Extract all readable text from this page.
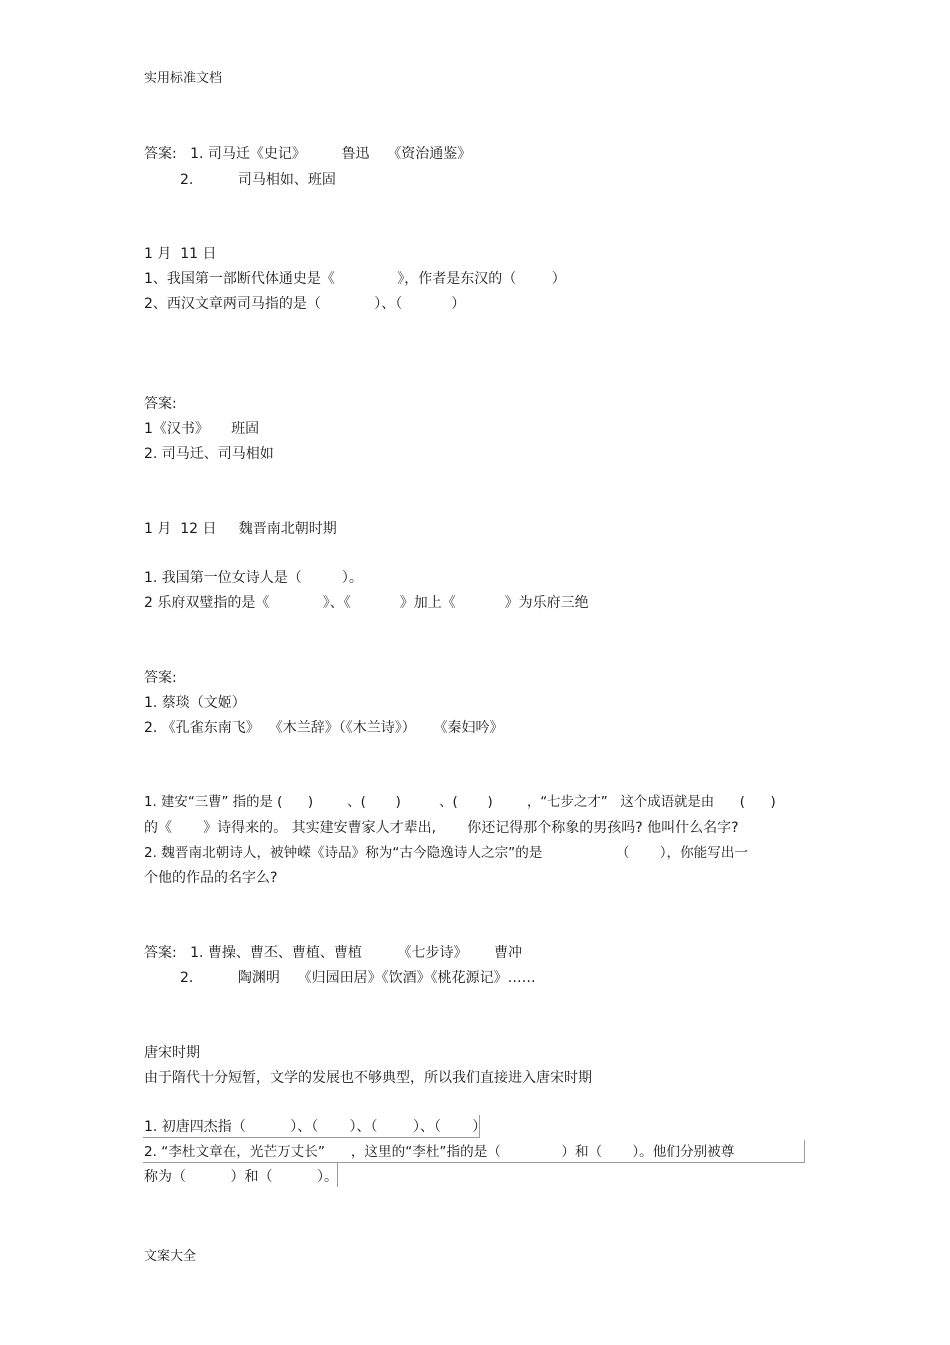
实用标准文档
答案:   1. 司马迁《史记》        鲁迅    《资治通鉴》
2.          司马相如、班固
1 月  11 日
1、我国第一部断代体通史是《              》，作者是东汉的（        ）
2、西汉文章两司马指的是（            ）、（           ）
答案:
1《汉书》     班固
2. 司马迁、司马相如
1 月  12 日     魏晋南北朝时期
1. 我国第一位女诗人是（         ）。
2 乐府双璧指的是《            》、《           》加上《           》为乐府三绝
答案:
1. 蔡琰（文姬）
2. 《孔雀东南飞》  《木兰辞》（《木兰诗》）    《秦妇吟》
1. 建安“三曹” 指的是 (      )        、(       )         、(       )        ，“七步之才”   这个成语就是由      (      )
的《       》诗得来的。 其实建安曹家人才辈出,       你还记得那个称象的男孩吗? 他叫什么名字?
2. 魏晋南北朝诗人，被钟嵘《诗品》称为“古今隐逸诗人之宗”的是                 （       ），你能写出一
个他的作品的名字么?
答案:   1. 曹操、曹丕、曹植、曹植        《七步诗》      曹冲
2.          陶渊明    《归园田居》《饮酒》《桃花源记》……
唐宋时期
由于隋代十分短暂，文学的发展也不够典型，所以我们直接进入唐宋时期
1. 初唐四杰指（          ）、（       ）、（        ）、（       ）
2. “李杜文章在，光芒万丈长”      ，这里的“李杜”指的是（              ）和（       ）。他们分别被尊
称为（          ）和（          ）。
文案大全
